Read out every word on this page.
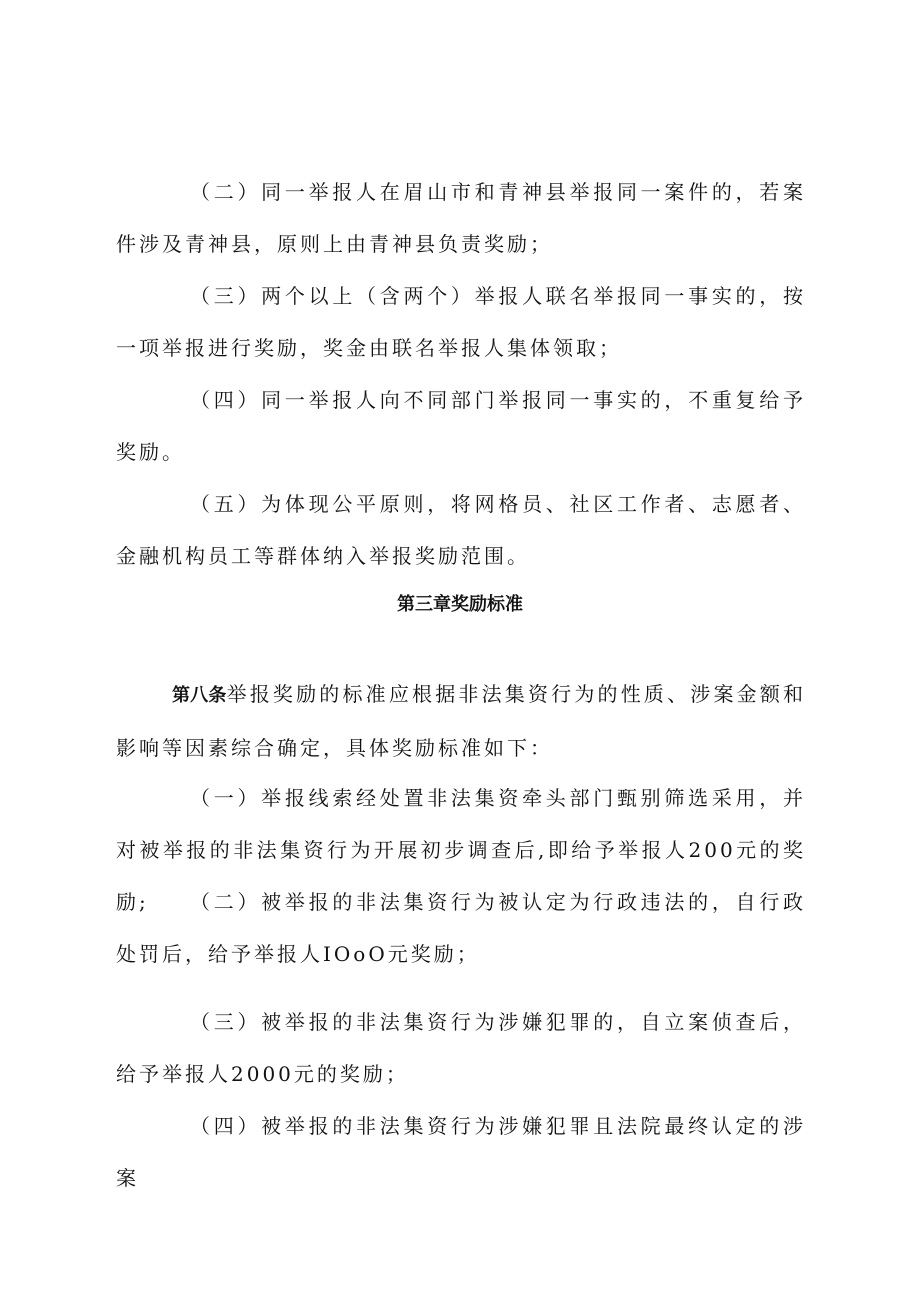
（二）同一举报人在眉山市和青神县举报同一案件的，若案件涉及青神县，原则上由青神县负责奖励；

（三）两个以上（含两个）举报人联名举报同一事实的，按一项举报进行奖励，奖金由联名举报人集体领取；

（四）同一举报人向不同部门举报同一事实的，不重复给予奖励。

（五）为体现公平原则，将网格员、社区工作者、志愿者、金融机构员工等群体纳入举报奖励范围。

第三章奖励标准

第八条举报奖励的标准应根据非法集资行为的性质、涉案金额和影响等因素综合确定，具体奖励标准如下：

（一）举报线索经处置非法集资牵头部门甄别筛选采用，并对被举报的非法集资行为开展初步调查后,即给予举报人200元的奖励;	（二）被举报的非法集资行为被认定为行政违法的，自行政处罚后，给予举报人IOoO元奖励；

（三）被举报的非法集资行为涉嫌犯罪的，自立案侦查后，给予举报人2000元的奖励；

（四）被举报的非法集资行为涉嫌犯罪且法院最终认定的涉案
